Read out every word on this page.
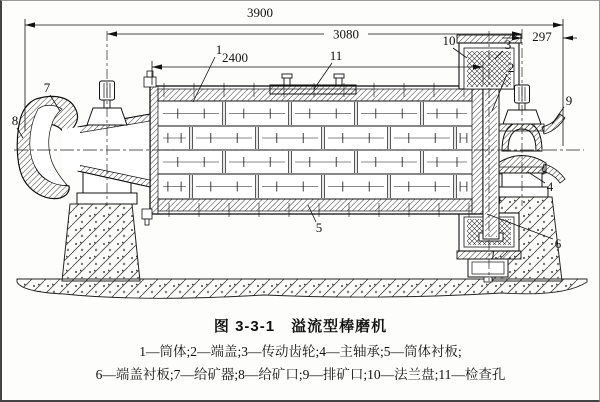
3900
3080	297
2400
1	11
10	3
2
9
4
5
6
7
8
图 3-3-1　溢流型棒磨机
1—筒体;2—端盖;3—传动齿轮;4—主轴承;5—筒体衬板;
6—端盖衬板;7—给矿器;8—给矿口;9—排矿口;10—法兰盘;11—检查孔
